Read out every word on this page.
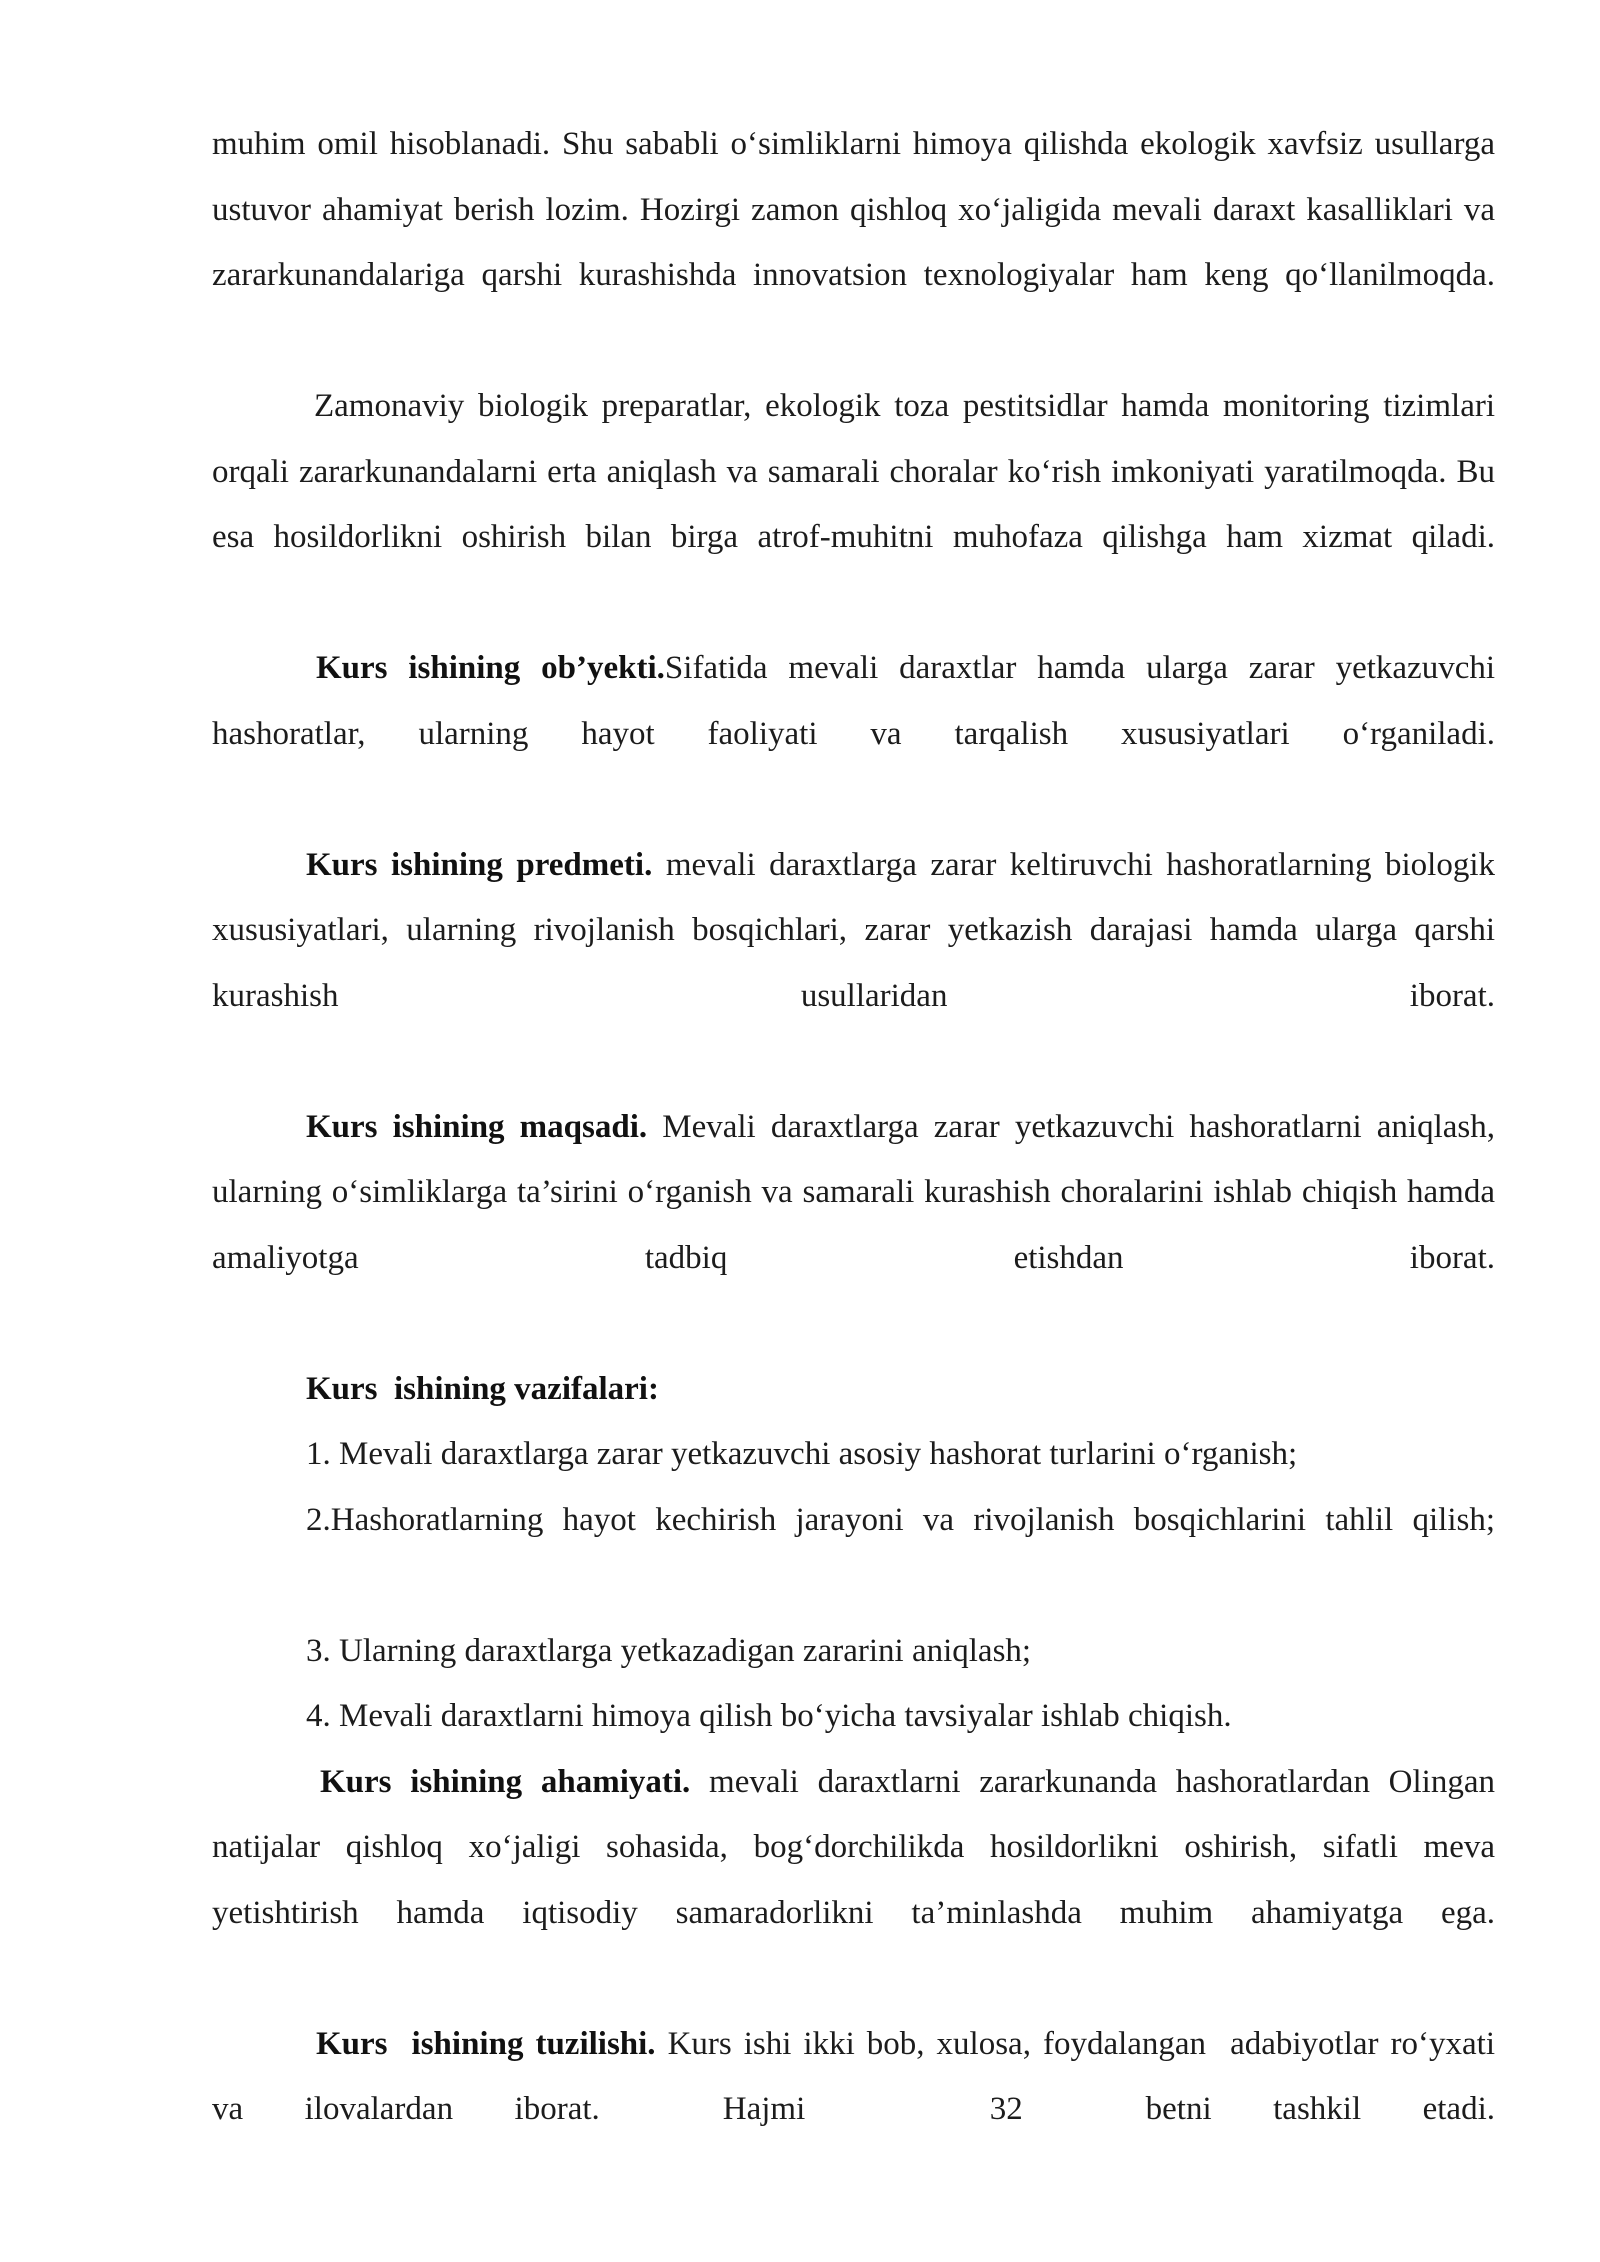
muhim omil hisoblanadi. Shu sababli o‘simliklarni himoya qilishda ekologik xavfsiz usullarga ustuvor ahamiyat berish lozim. Hozirgi zamon qishloq xo‘jaligida mevali daraxt kasalliklari va zararkunandalariga qarshi kurashishda innovatsion texnologiyalar ham keng qo‘llanilmoqda.

Zamonaviy biologik preparatlar, ekologik toza pestitsidlar hamda monitoring tizimlari orqali zararkunandalarni erta aniqlash va samarali choralar ko‘rish imkoniyati yaratilmoqda. Bu esa hosildorlikni oshirish bilan birga atrof-muhitni muhofaza qilishga ham xizmat qiladi.

Kurs ishining ob’yekti.Sifatida mevali daraxtlar hamda ularga zarar yetkazuvchi hashoratlar, ularning hayot faoliyati va tarqalish xususiyatlari o‘rganiladi.

Kurs ishining predmeti. mevali daraxtlarga zarar keltiruvchi hashoratlarning biologik xususiyatlari, ularning rivojlanish bosqichlari, zarar yetkazish darajasi hamda ularga qarshi kurashish usullaridan iborat.

Kurs ishining maqsadi. Mevali daraxtlarga zarar yetkazuvchi hashoratlarni aniqlash, ularning o‘simliklarga ta’sirini o‘rganish va samarali kurashish choralarini ishlab chiqish hamda amaliyotga tadbiq etishdan iborat.

Kurs  ishining vazifalari:

1. Mevali daraxtlarga zarar yetkazuvchi asosiy hashorat turlarini o‘rganish;

2.Hashoratlarning hayot kechirish jarayoni va rivojlanish bosqichlarini tahlil qilish;

3. Ularning daraxtlarga yetkazadigan zararini aniqlash;

4. Mevali daraxtlarni himoya qilish bo‘yicha tavsiyalar ishlab chiqish.

Kurs ishining ahamiyati. mevali daraxtlarni zararkunanda hashoratlardan Olingan natijalar qishloq xo‘jaligi sohasida, bog‘dorchilikda hosildorlikni oshirish, sifatli meva yetishtirish hamda iqtisodiy samaradorlikni ta’minlashda muhim ahamiyatga ega.

Kurs  ishining tuzilishi. Kurs ishi ikki bob, xulosa, foydalangan  adabiyotlar ro‘yxati  va ilovalardan iborat.  Hajmi   32  betni tashkil etadi.
